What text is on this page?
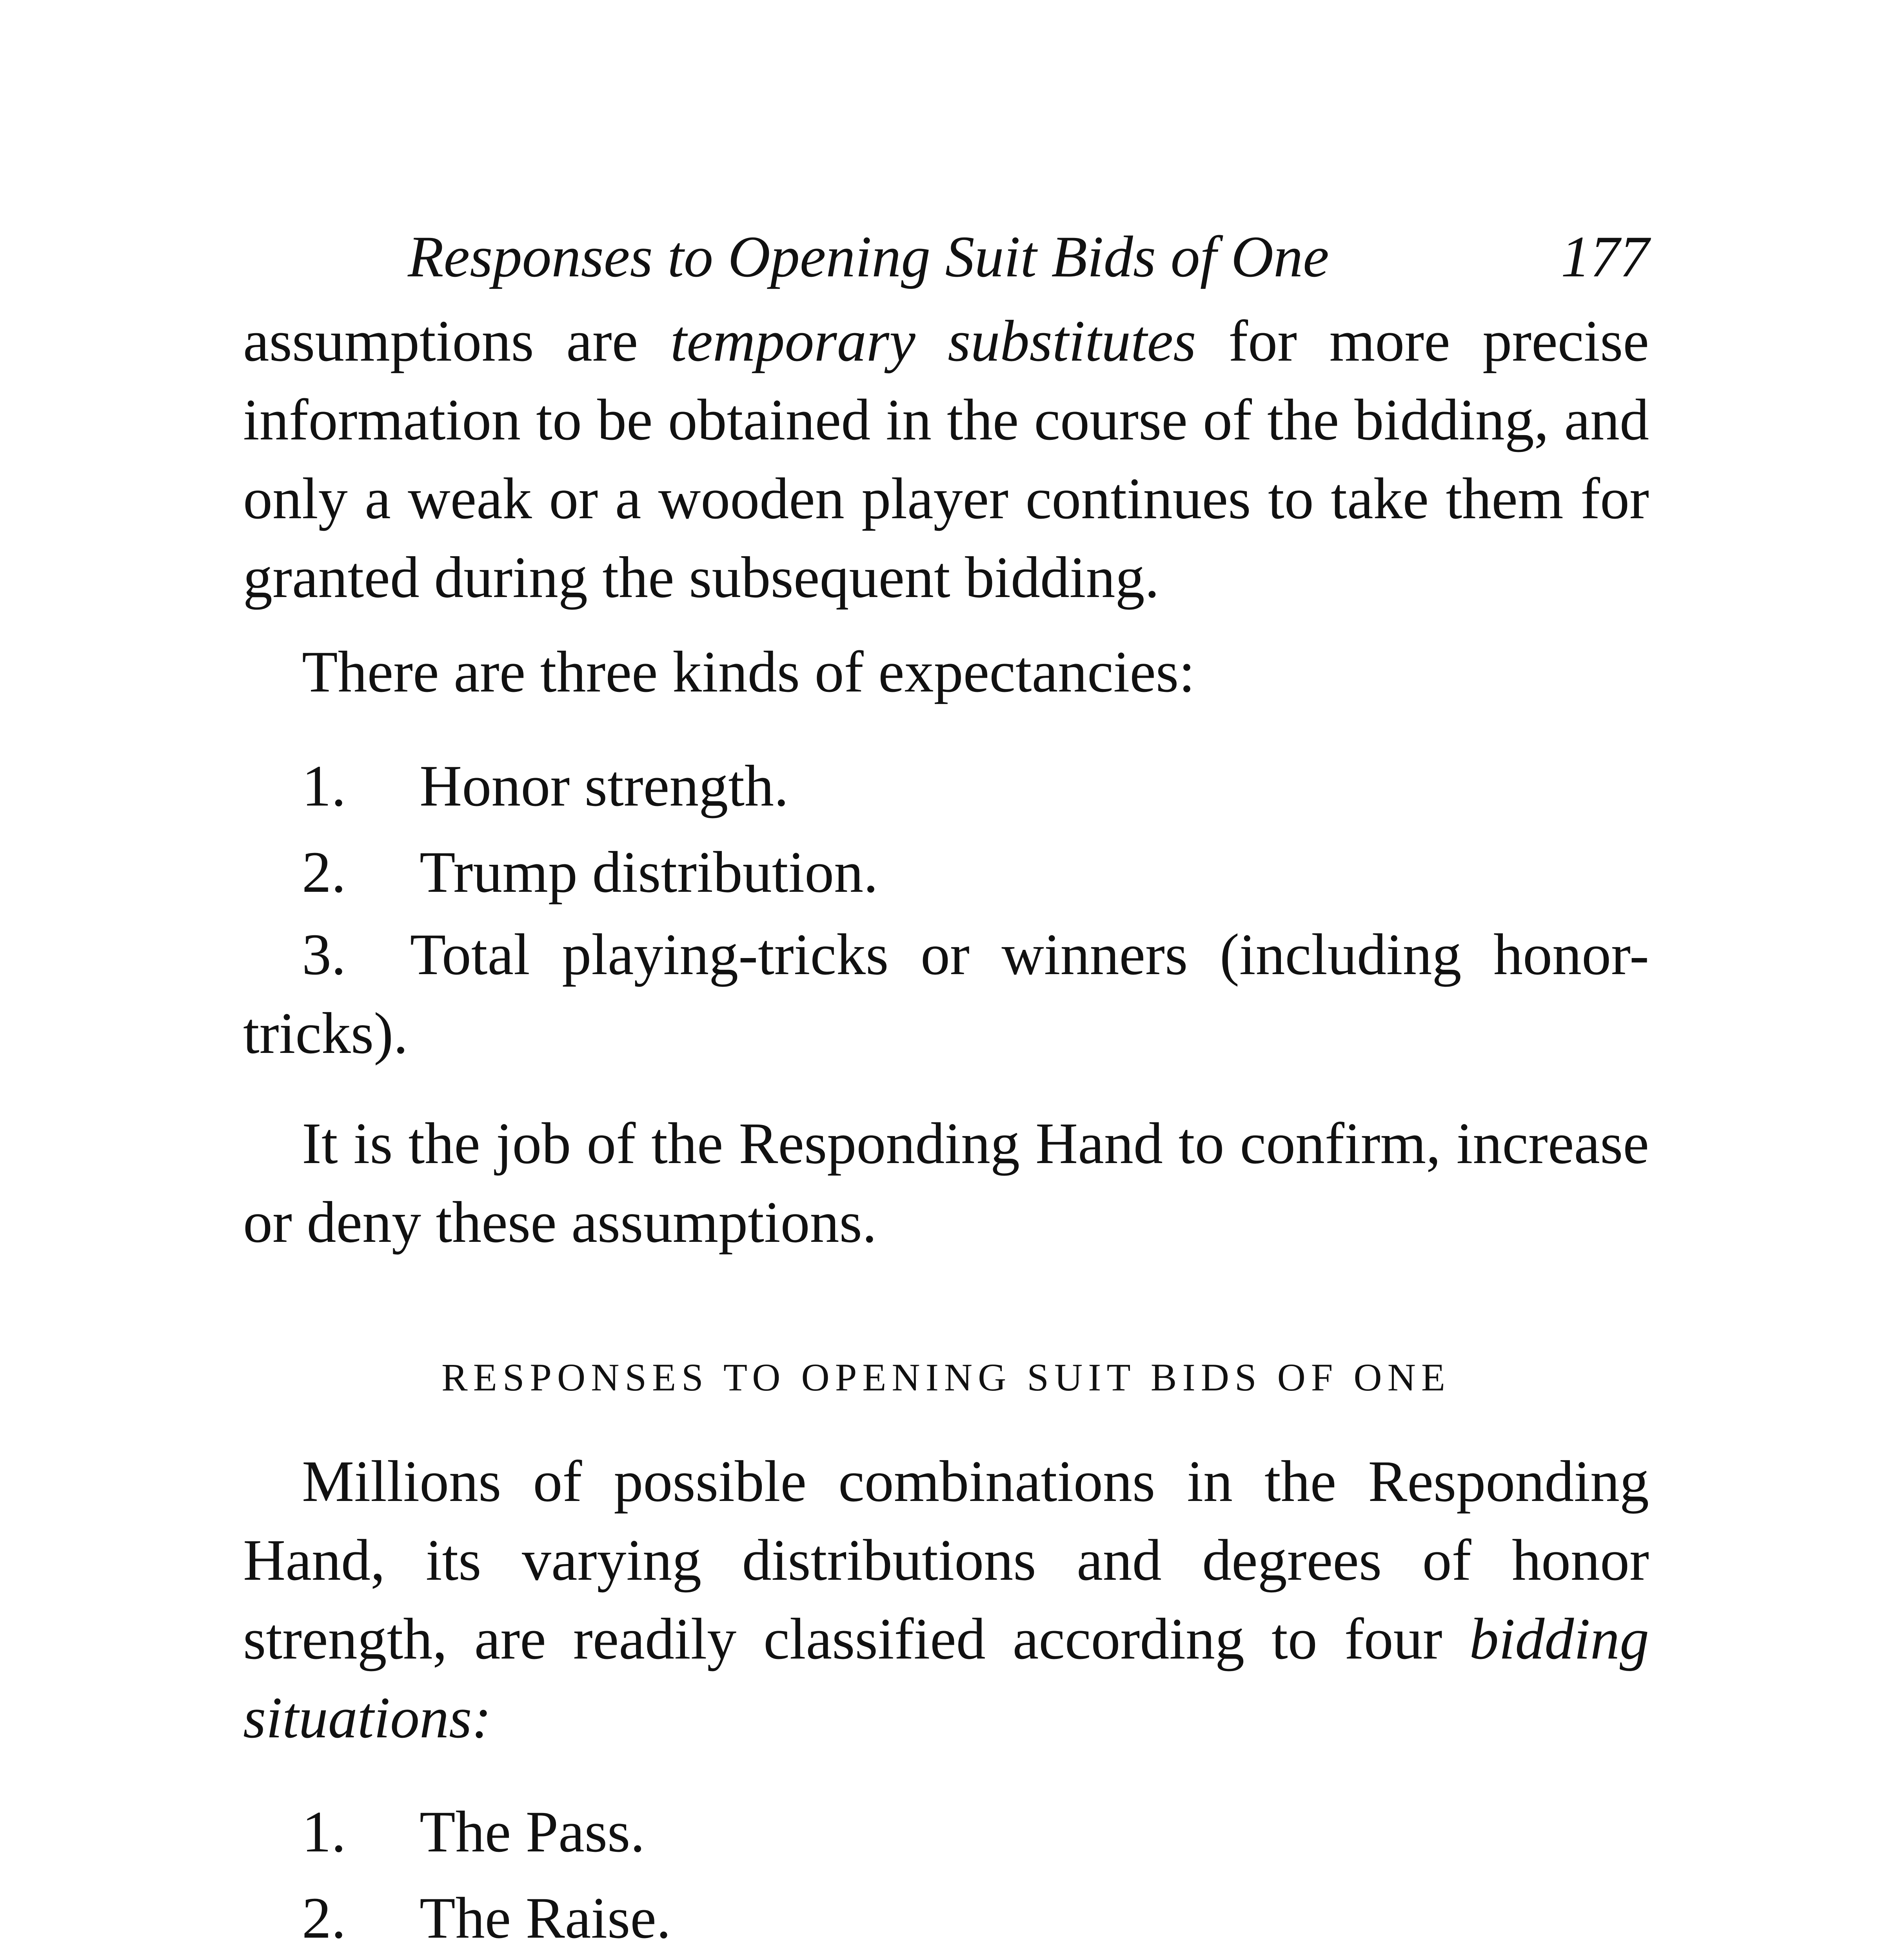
Responses to Opening Suit Bids of One	177

assumptions are temporary substitutes for more precise information to be obtained in the course of the bidding, and only a weak or a wooden player continues to take them for granted during the subsequent bidding.

There are three kinds of expectancies:

1.	Honor strength.
2.	Trump distribution.

3. Total playing-tricks or winners (including honor-tricks).

It is the job of the Responding Hand to confirm, increase or deny these assumptions.

RESPONSES TO OPENING SUIT BIDS OF ONE

Millions of possible combinations in the Responding Hand, its varying distributions and degrees of honor strength, are readily classified according to four bidding situations:

1.	The Pass.
2.	The Raise.
